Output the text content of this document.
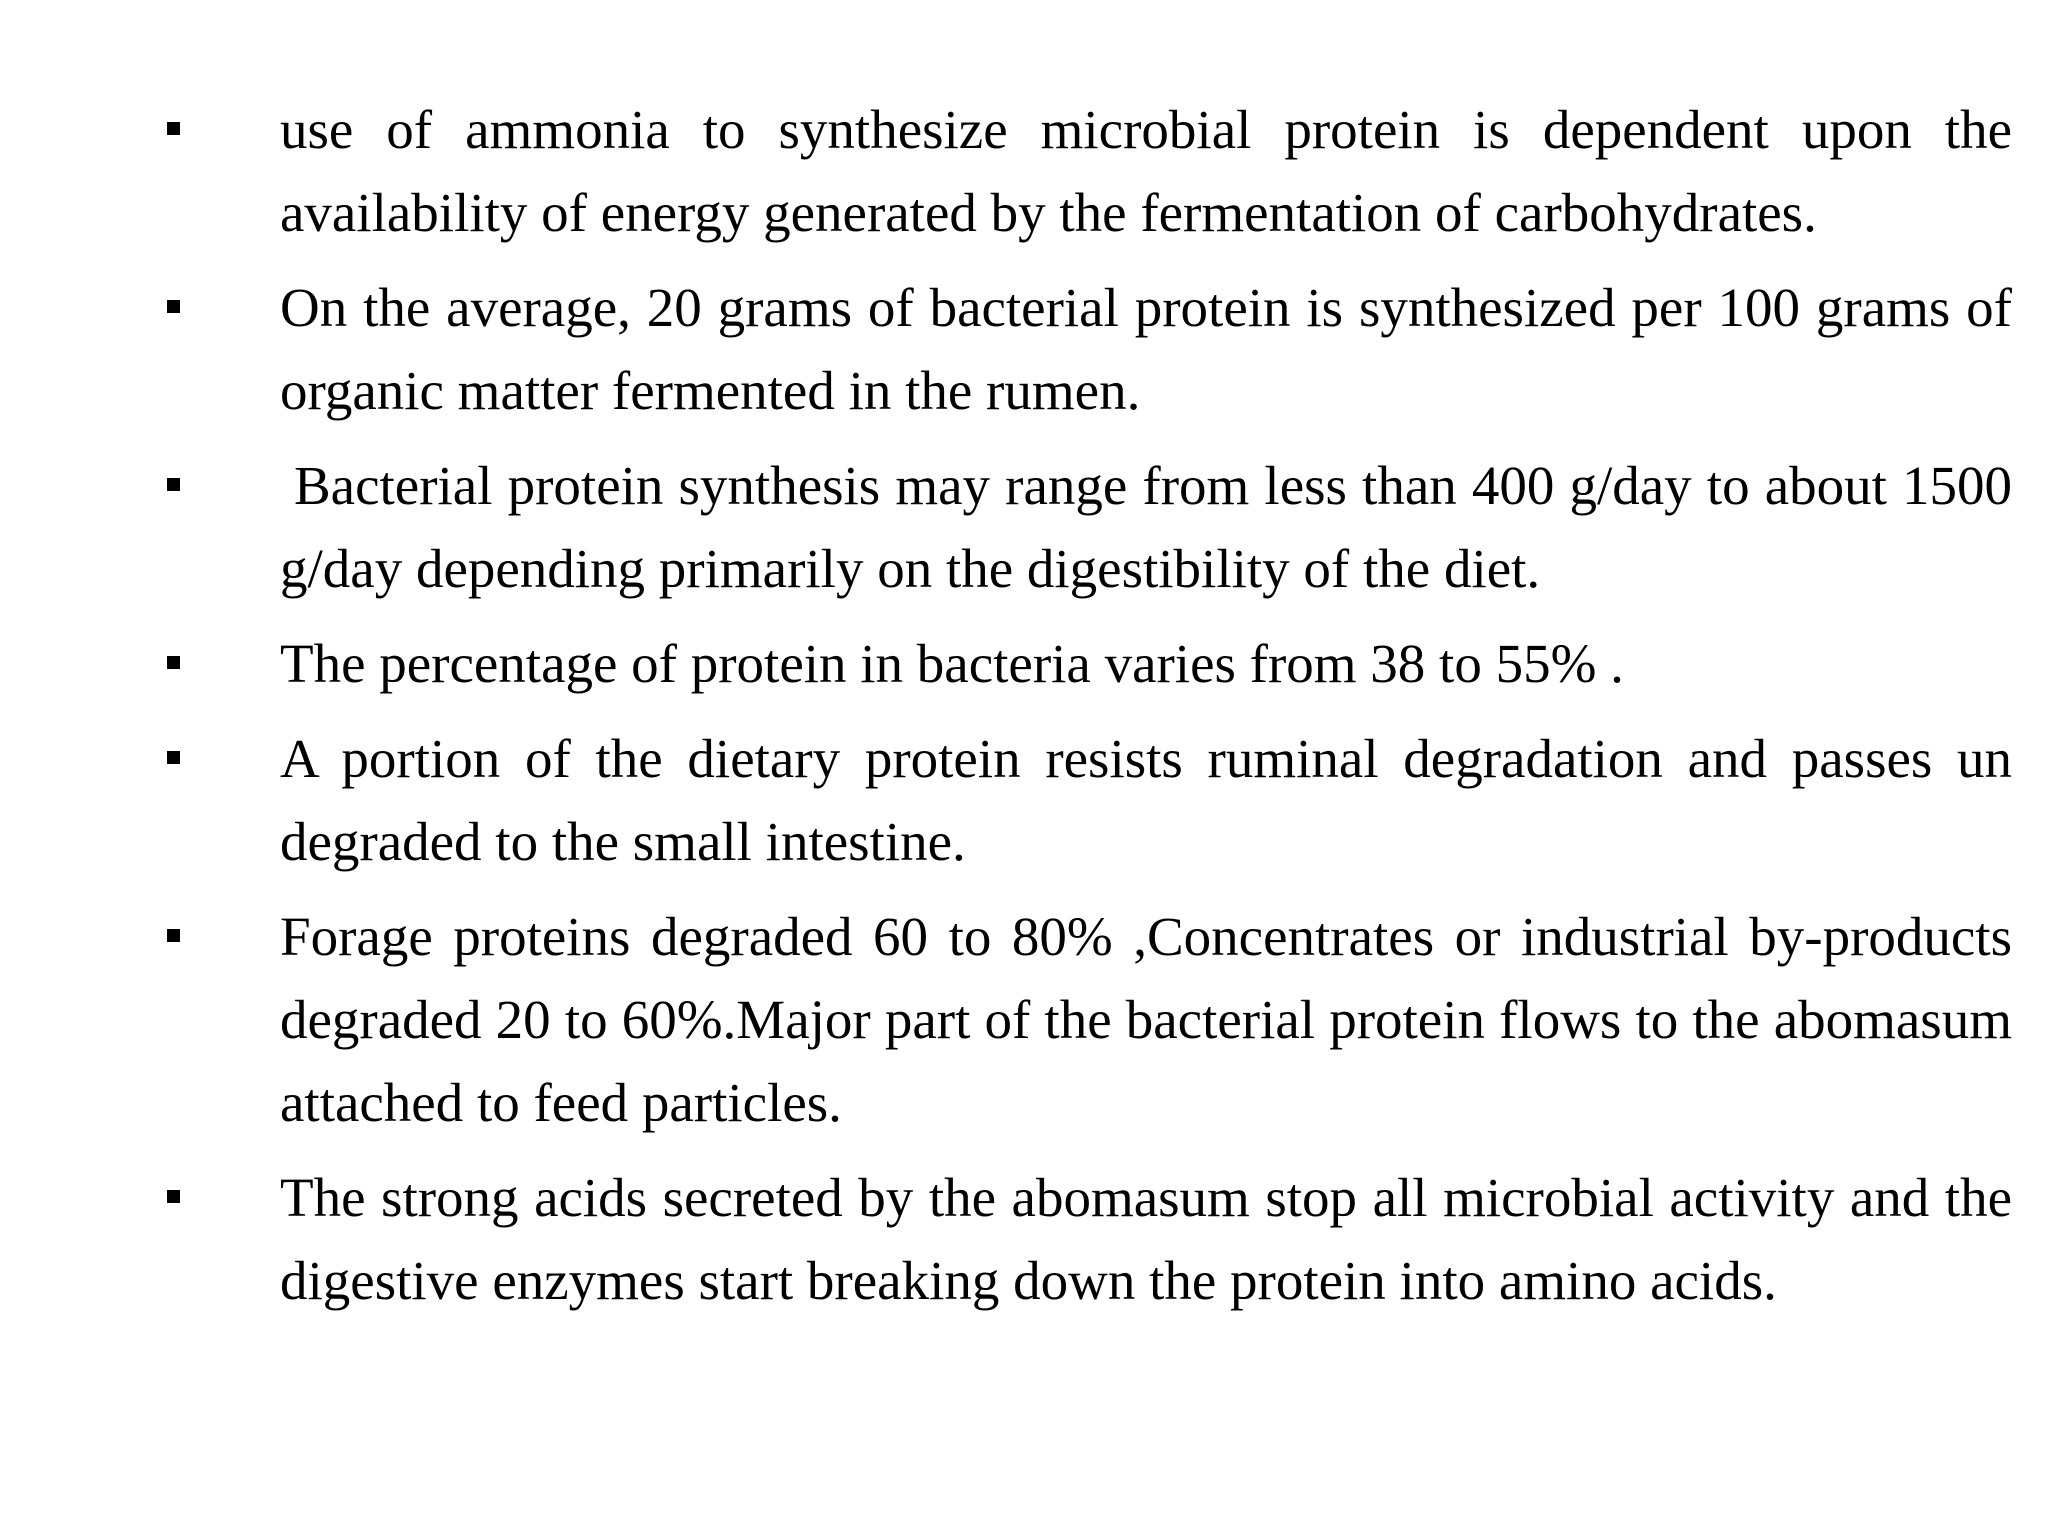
use of ammonia to synthesize microbial protein is dependent upon the availability of energy generated by the fermentation of carbohydrates.
On the average, 20 grams of bacterial protein is synthesized per 100 grams of organic matter fermented in the rumen.
Bacterial protein synthesis may range from less than 400 g/day to about 1500 g/day depending primarily on the digestibility of the diet.
The percentage of protein in bacteria varies from 38 to 55% .
A portion of the dietary protein resists ruminal degradation and passes un degraded to the small intestine.
Forage proteins degraded 60 to 80% ,Concentrates or industrial by-products degraded 20 to 60%.Major part of the bacterial protein flows to the abomasum attached to feed particles.
The strong acids secreted by the abomasum stop all microbial activity and the digestive enzymes start breaking down the protein into amino acids.
